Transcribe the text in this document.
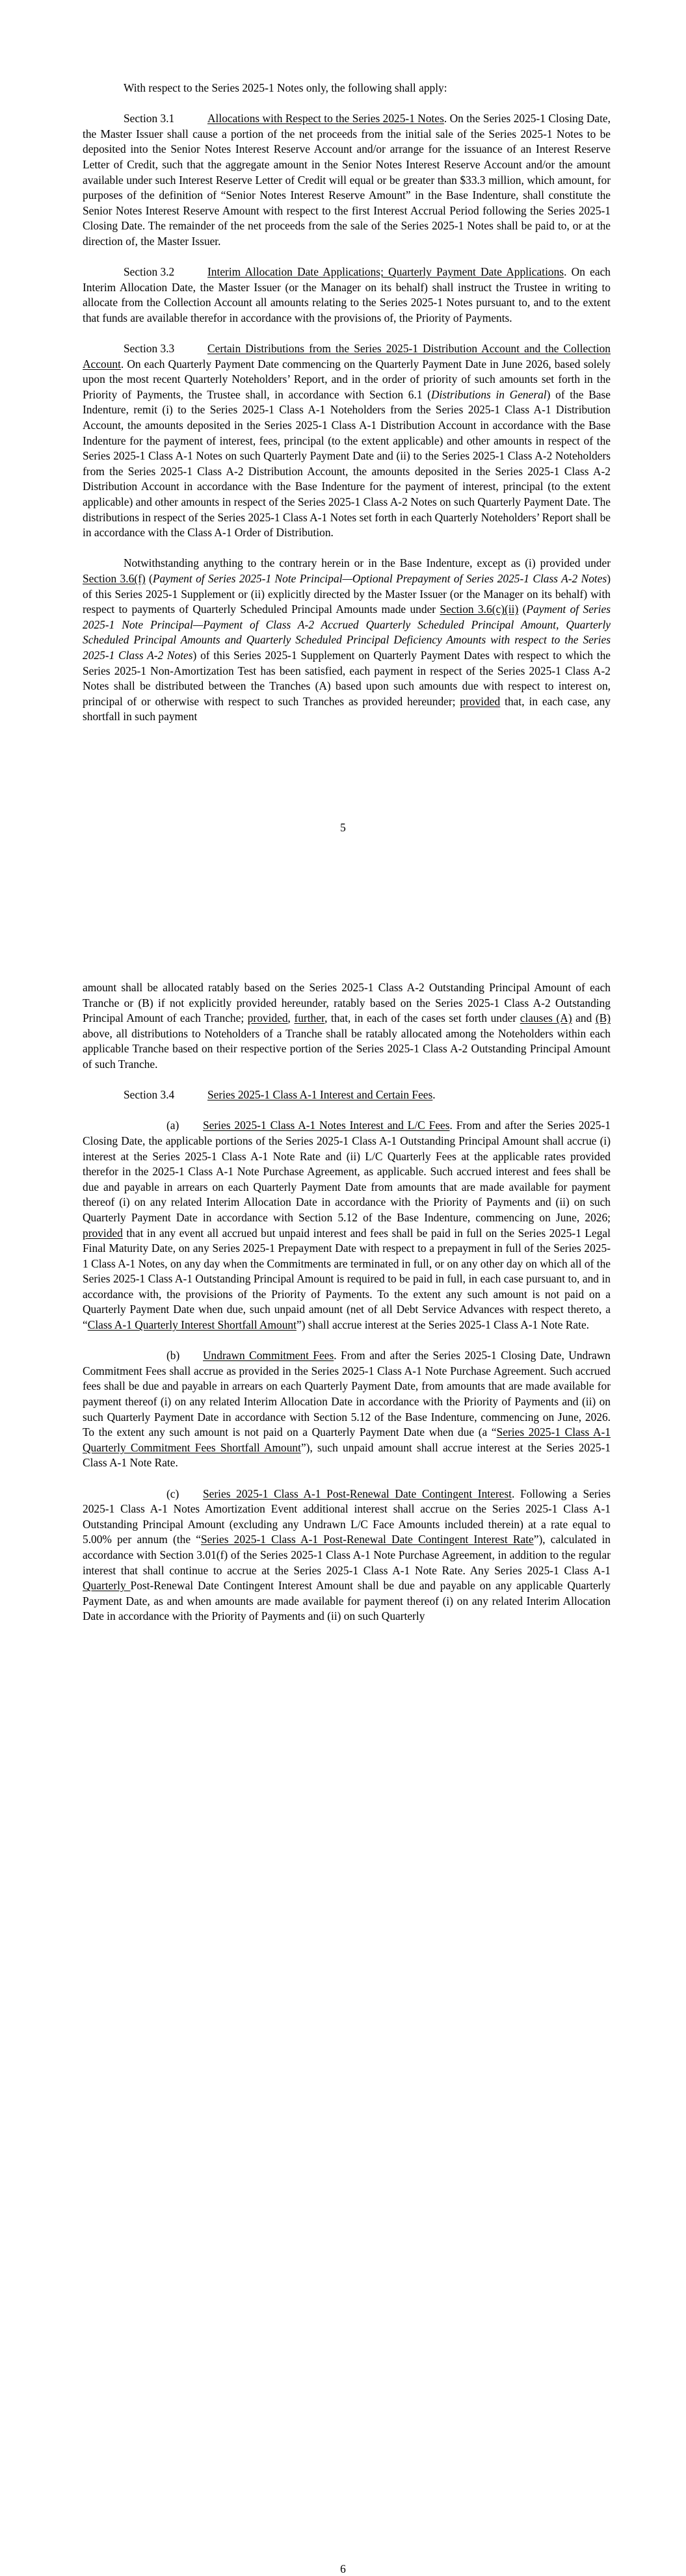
With respect to the Series 2025-1 Notes only, the following shall apply:

Section 3.1	Allocations with Respect to the Series 2025-1 Notes. On the Series 2025-1 Closing Date, the Master Issuer shall cause a portion of the net proceeds from the initial sale of the Series 2025-1 Notes to be deposited into the Senior Notes Interest Reserve Account and/or arrange for the issuance of an Interest Reserve Letter of Credit, such that the aggregate amount in the Senior Notes Interest Reserve Account and/or the amount available under such Interest Reserve Letter of Credit will equal or be greater than $33.3 million, which amount, for purposes of the definition of “Senior Notes Interest Reserve Amount” in the Base Indenture, shall constitute the Senior Notes Interest Reserve Amount with respect to the first Interest Accrual Period following the Series 2025-1 Closing Date. The remainder of the net proceeds from the sale of the Series 2025-1 Notes shall be paid to, or at the direction of, the Master Issuer.

Section 3.2	Interim Allocation Date Applications; Quarterly Payment Date Applications. On each Interim Allocation Date, the Master Issuer (or the Manager on its behalf) shall instruct the Trustee in writing to allocate from the Collection Account all amounts relating to the Series 2025-1 Notes pursuant to, and to the extent that funds are available therefor in accordance with the provisions of, the Priority of Payments.

Section 3.3	Certain Distributions from the Series 2025-1 Distribution Account and the Collection Account. On each Quarterly Payment Date commencing on the Quarterly Payment Date in June 2026, based solely upon the most recent Quarterly Noteholders’ Report, and in the order of priority of such amounts set forth in the Priority of Payments, the Trustee shall, in accordance with Section 6.1 (Distributions in General) of the Base Indenture, remit (i) to the Series 2025-1 Class A-1 Noteholders from the Series 2025-1 Class A-1 Distribution Account, the amounts deposited in the Series 2025-1 Class A-1 Distribution Account in accordance with the Base Indenture for the payment of interest, fees, principal (to the extent applicable) and other amounts in respect of the Series 2025-1 Class A-1 Notes on such Quarterly Payment Date and (ii) to the Series 2025-1 Class A-2 Noteholders from the Series 2025-1 Class A-2 Distribution Account, the amounts deposited in the Series 2025-1 Class A-2 Distribution Account in accordance with the Base Indenture for the payment of interest, principal (to the extent applicable) and other amounts in respect of the Series 2025-1 Class A-2 Notes on such Quarterly Payment Date. The distributions in respect of the Series 2025-1 Class A-1 Notes set forth in each Quarterly Noteholders’ Report shall be in accordance with the Class A-1 Order of Distribution.

Notwithstanding anything to the contrary herein or in the Base Indenture, except as (i) provided under Section 3.6(f) (Payment of Series 2025-1 Note Principal—Optional Prepayment of Series 2025-1 Class A-2 Notes) of this Series 2025-1 Supplement or (ii) explicitly directed by the Master Issuer (or the Manager on its behalf) with respect to payments of Quarterly Scheduled Principal Amounts made under Section 3.6(c)(ii) (Payment of Series 2025-1 Note Principal—Payment of Class A-2 Accrued Quarterly Scheduled Principal Amount, Quarterly Scheduled Principal Amounts and Quarterly Scheduled Principal Deficiency Amounts with respect to the Series 2025-1 Class A-2 Notes) of this Series 2025-1 Supplement on Quarterly Payment Dates with respect to which the Series 2025-1 Non-Amortization Test has been satisfied, each payment in respect of the Series 2025-1 Class A-2 Notes shall be distributed between the Tranches (A) based upon such amounts due with respect to interest on, principal of or otherwise with respect to such Tranches as provided hereunder; provided that, in each case, any shortfall in such payment

5

amount shall be allocated ratably based on the Series 2025-1 Class A-2 Outstanding Principal Amount of each Tranche or (B) if not explicitly provided hereunder, ratably based on the Series 2025-1 Class A-2 Outstanding Principal Amount of each Tranche; provided, further, that, in each of the cases set forth under clauses (A) and (B) above, all distributions to Noteholders of a Tranche shall be ratably allocated among the Noteholders within each applicable Tranche based on their respective portion of the Series 2025-1 Class A-2 Outstanding Principal Amount of such Tranche.

Section 3.4	Series 2025-1 Class A-1 Interest and Certain Fees.

(a) Series 2025-1 Class A-1 Notes Interest and L/C Fees. From and after the Series 2025-1 Closing Date, the applicable portions of the Series 2025-1 Class A-1 Outstanding Principal Amount shall accrue (i) interest at the Series 2025-1 Class A-1 Note Rate and (ii) L/C Quarterly Fees at the applicable rates provided therefor in the 2025-1 Class A-1 Note Purchase Agreement, as applicable. Such accrued interest and fees shall be due and payable in arrears on each Quarterly Payment Date from amounts that are made available for payment thereof (i) on any related Interim Allocation Date in accordance with the Priority of Payments and (ii) on such Quarterly Payment Date in accordance with Section 5.12 of the Base Indenture, commencing on June, 2026; provided that in any event all accrued but unpaid interest and fees shall be paid in full on the Series 2025-1 Legal Final Maturity Date, on any Series 2025-1 Prepayment Date with respect to a prepayment in full of the Series 2025-1 Class A-1 Notes, on any day when the Commitments are terminated in full, or on any other day on which all of the Series 2025-1 Class A-1 Outstanding Principal Amount is required to be paid in full, in each case pursuant to, and in accordance with, the provisions of the Priority of Payments. To the extent any such amount is not paid on a Quarterly Payment Date when due, such unpaid amount (net of all Debt Service Advances with respect thereto, a “Class A-1 Quarterly Interest Shortfall Amount”) shall accrue interest at the Series 2025-1 Class A-1 Note Rate.

(b) Undrawn Commitment Fees. From and after the Series 2025-1 Closing Date, Undrawn Commitment Fees shall accrue as provided in the Series 2025-1 Class A-1 Note Purchase Agreement. Such accrued fees shall be due and payable in arrears on each Quarterly Payment Date, from amounts that are made available for payment thereof (i) on any related Interim Allocation Date in accordance with the Priority of Payments and (ii) on such Quarterly Payment Date in accordance with Section 5.12 of the Base Indenture, commencing on June, 2026. To the extent any such amount is not paid on a Quarterly Payment Date when due (a “Series 2025-1 Class A-1 Quarterly Commitment Fees Shortfall Amount”), such unpaid amount shall accrue interest at the Series 2025-1 Class A-1 Note Rate.

(c) Series 2025-1 Class A-1 Post-Renewal Date Contingent Interest. Following a Series 2025-1 Class A-1 Notes Amortization Event additional interest shall accrue on the Series 2025-1 Class A-1 Outstanding Principal Amount (excluding any Undrawn L/C Face Amounts included therein) at a rate equal to 5.00% per annum (the “Series 2025-1 Class A-1 Post-Renewal Date Contingent Interest Rate”), calculated in accordance with Section 3.01(f) of the Series 2025-1 Class A-1 Note Purchase Agreement, in addition to the regular interest that shall continue to accrue at the Series 2025-1 Class A-1 Note Rate. Any Series 2025-1 Class A-1 Quarterly Post-Renewal Date Contingent Interest Amount shall be due and payable on any applicable Quarterly Payment Date, as and when amounts are made available for payment thereof (i) on any related Interim Allocation Date in accordance with the Priority of Payments and (ii) on such Quarterly

6
